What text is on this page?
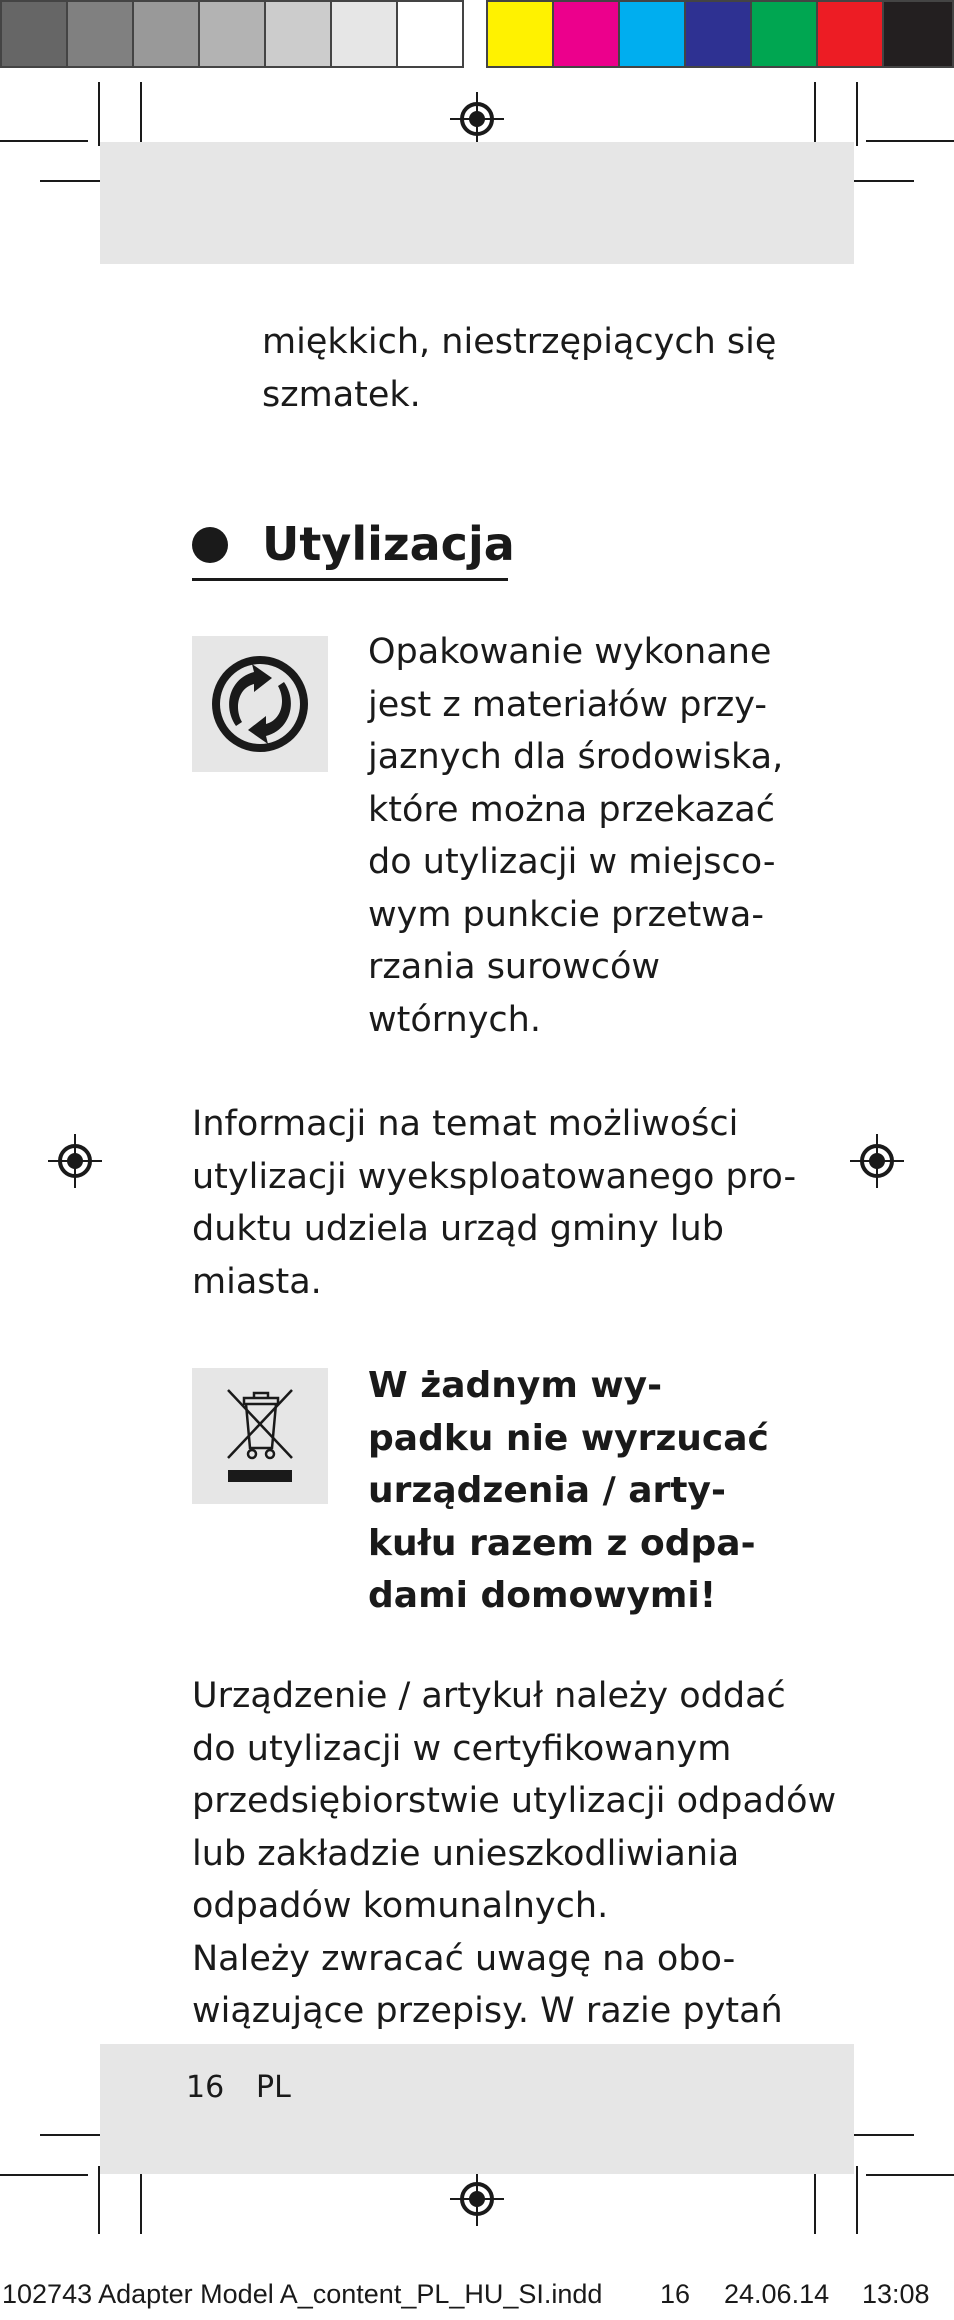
miękkich, niestrzępiących się
szmatek.
Utylizacja
Opakowanie wykonane
jest z materiałów przy-
jaznych dla środowiska,
które można przekazać
do utylizacji w miejsco-
wym punkcie przetwa-
rzania surowców
wtórnych.
Informacji na temat możliwości
utylizacji wyeksploatowanego pro-
duktu udziela urząd gminy lub
miasta.
W żadnym wy-
padku nie wyrzucać
urządzenia / arty-
kułu razem z odpa-
dami domowymi!
Urządzenie / artykuł należy oddać
do utylizacji w certyfikowanym
przedsiębiorstwie utylizacji odpadów
lub zakładzie unieszkodliwiania
odpadów komunalnych.
Należy zwracać uwagę na obo-
wiązujące przepisy. W razie pytań
16 PL
102743 Adapter Model A_content_PL_HU_SI.indd 16 24.06.14 13:08
